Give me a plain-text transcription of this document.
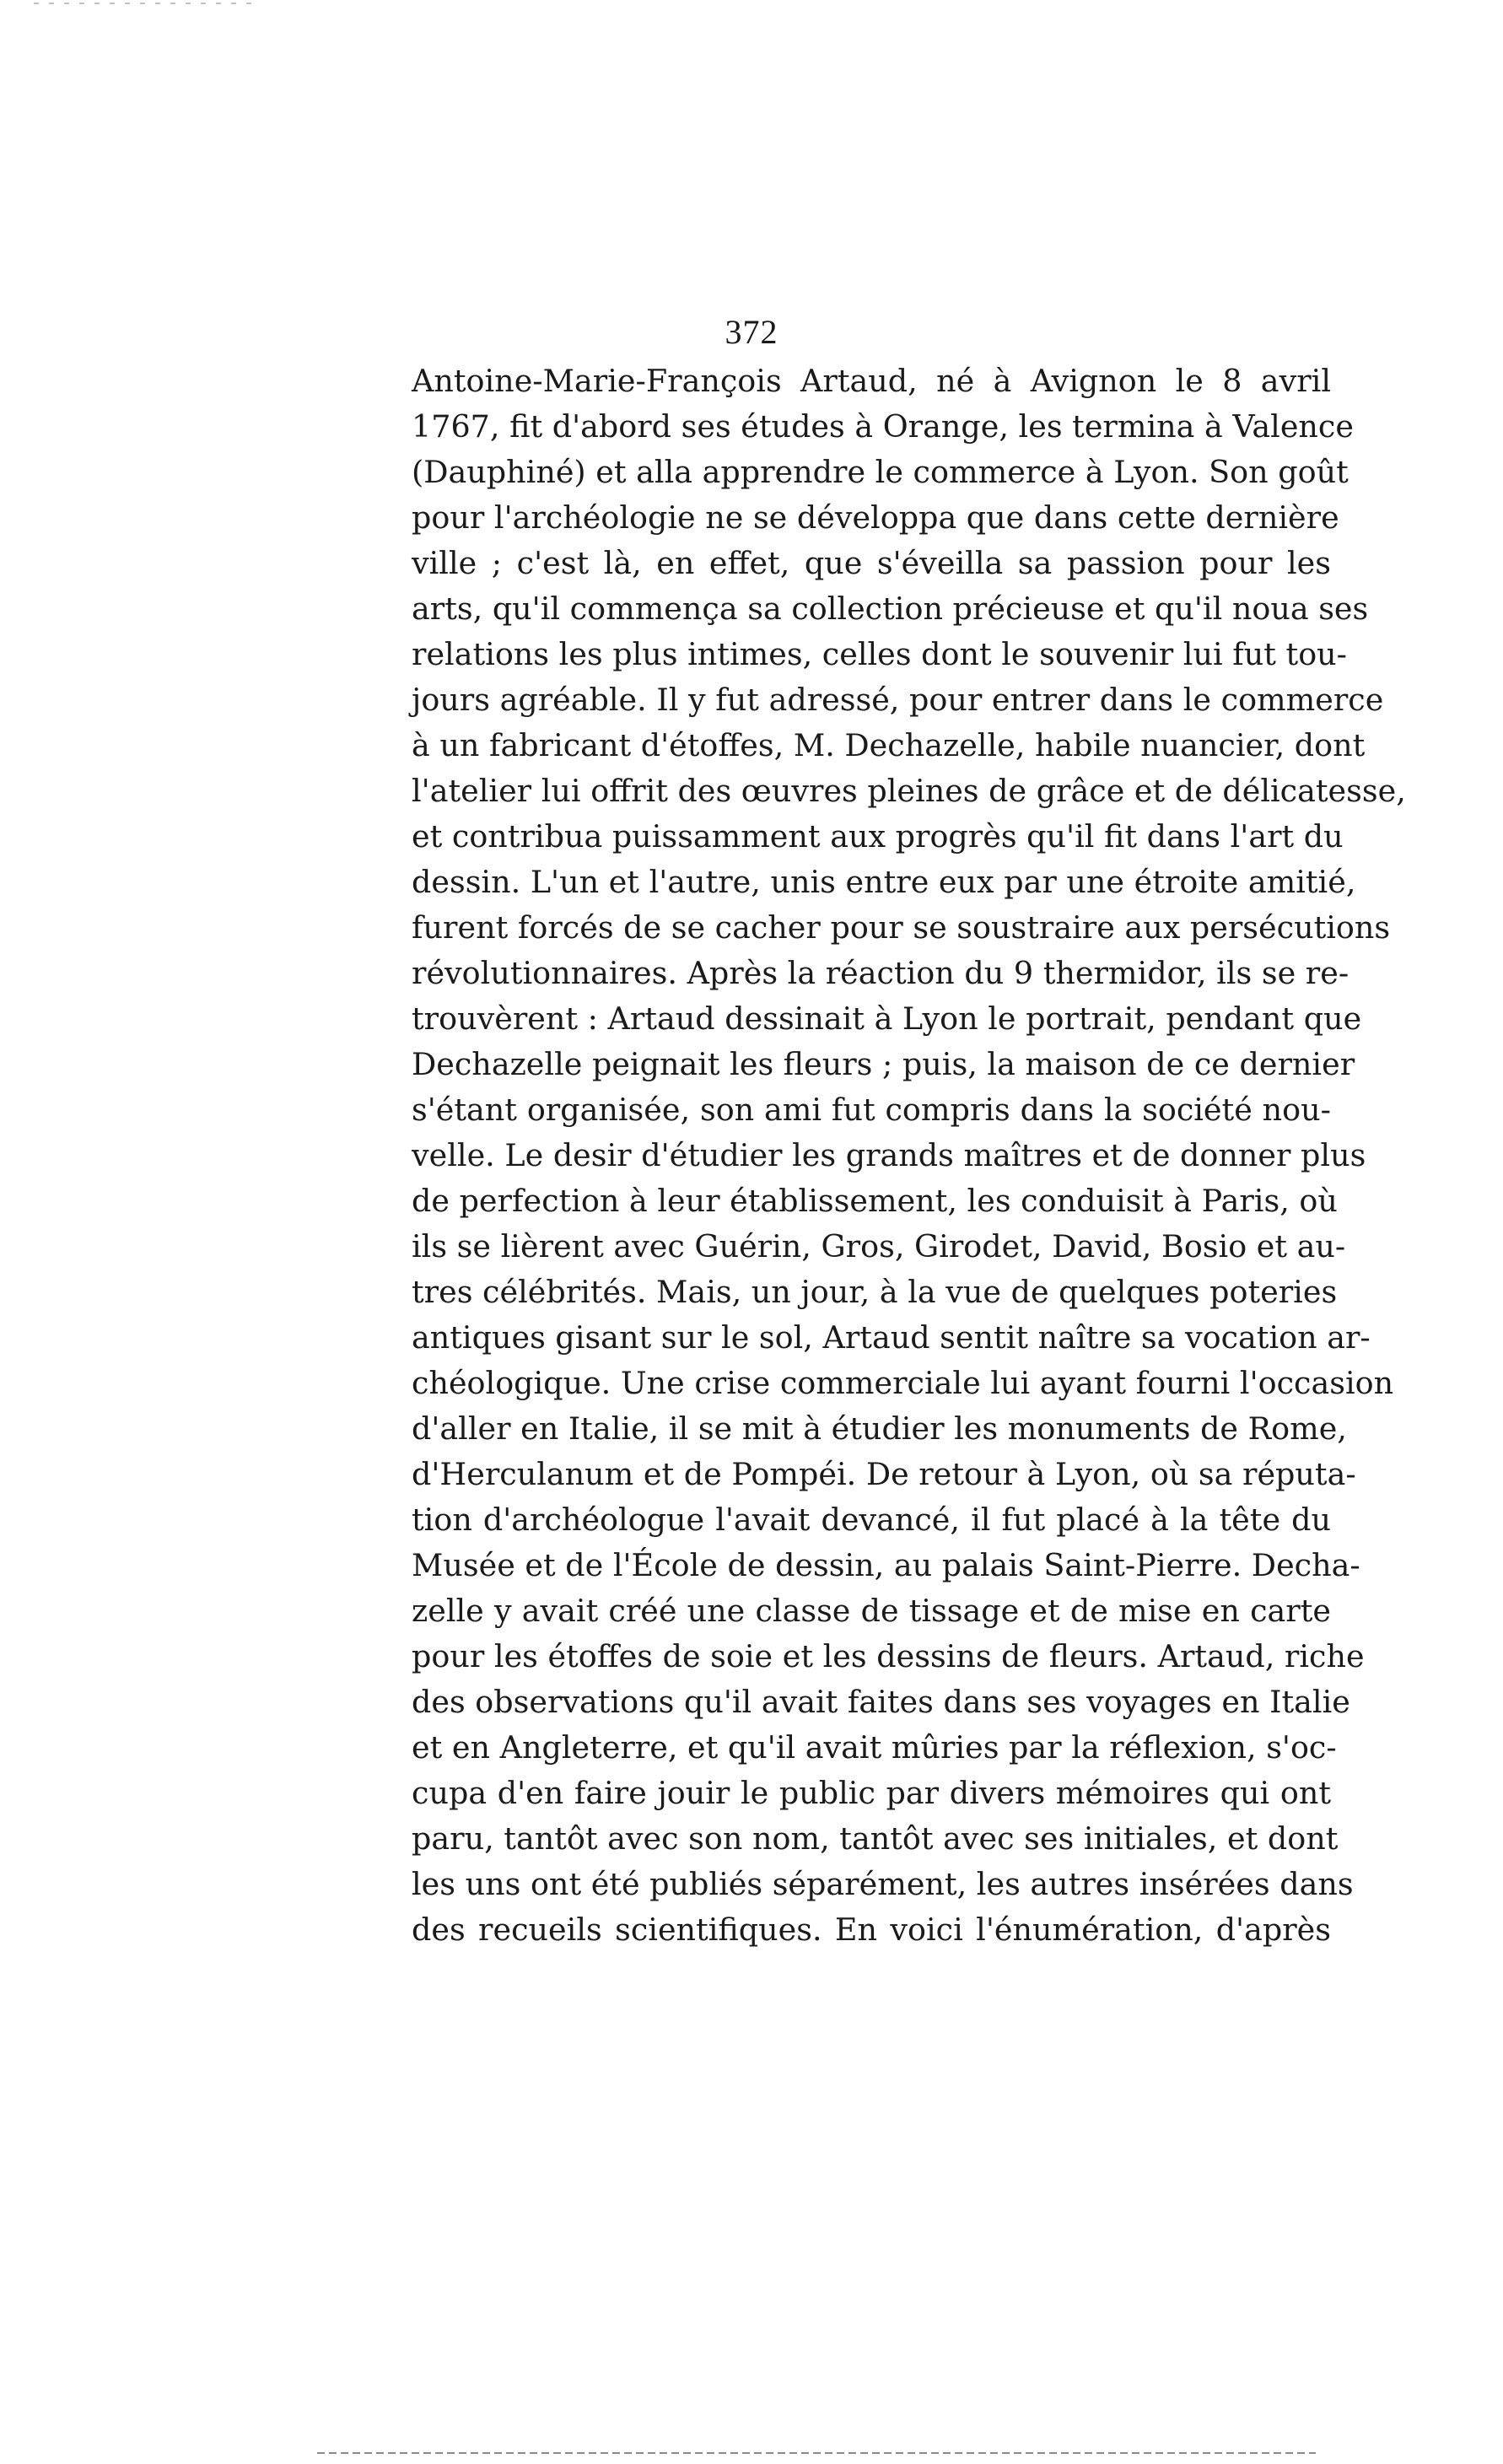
372
Antoine-Marie-François Artaud, né à Avignon le 8 avril
1767, fit d'abord ses études à Orange, les termina à Valence
(Dauphiné) et alla apprendre le commerce à Lyon. Son goût
pour l'archéologie ne se développa que dans cette dernière
ville ; c'est là, en effet, que s'éveilla sa passion pour les
arts, qu'il commença sa collection précieuse et qu'il noua ses
relations les plus intimes, celles dont le souvenir lui fut tou-
jours agréable. Il y fut adressé, pour entrer dans le commerce
à un fabricant d'étoffes, M. Dechazelle, habile nuancier, dont
l'atelier lui offrit des œuvres pleines de grâce et de délicatesse,
et contribua puissamment aux progrès qu'il fit dans l'art du
dessin. L'un et l'autre, unis entre eux par une étroite amitié,
furent forcés de se cacher pour se soustraire aux persécutions
révolutionnaires. Après la réaction du 9 thermidor, ils se re-
trouvèrent : Artaud dessinait à Lyon le portrait, pendant que
Dechazelle peignait les fleurs ; puis, la maison de ce dernier
s'étant organisée, son ami fut compris dans la société nou-
velle. Le desir d'étudier les grands maîtres et de donner plus
de perfection à leur établissement, les conduisit à Paris, où
ils se lièrent avec Guérin, Gros, Girodet, David, Bosio et au-
tres célébrités. Mais, un jour, à la vue de quelques poteries
antiques gisant sur le sol, Artaud sentit naître sa vocation ar-
chéologique. Une crise commerciale lui ayant fourni l'occasion
d'aller en Italie, il se mit à étudier les monuments de Rome,
d'Herculanum et de Pompéi. De retour à Lyon, où sa réputa-
tion d'archéologue l'avait devancé, il fut placé à la tête du
Musée et de l'École de dessin, au palais Saint-Pierre. Decha-
zelle y avait créé une classe de tissage et de mise en carte
pour les étoffes de soie et les dessins de fleurs. Artaud, riche
des observations qu'il avait faites dans ses voyages en Italie
et en Angleterre, et qu'il avait mûries par la réflexion, s'oc-
cupa d'en faire jouir le public par divers mémoires qui ont
paru, tantôt avec son nom, tantôt avec ses initiales, et dont
les uns ont été publiés séparément, les autres insérées dans
des recueils scientifiques. En voici l'énumération, d'après
